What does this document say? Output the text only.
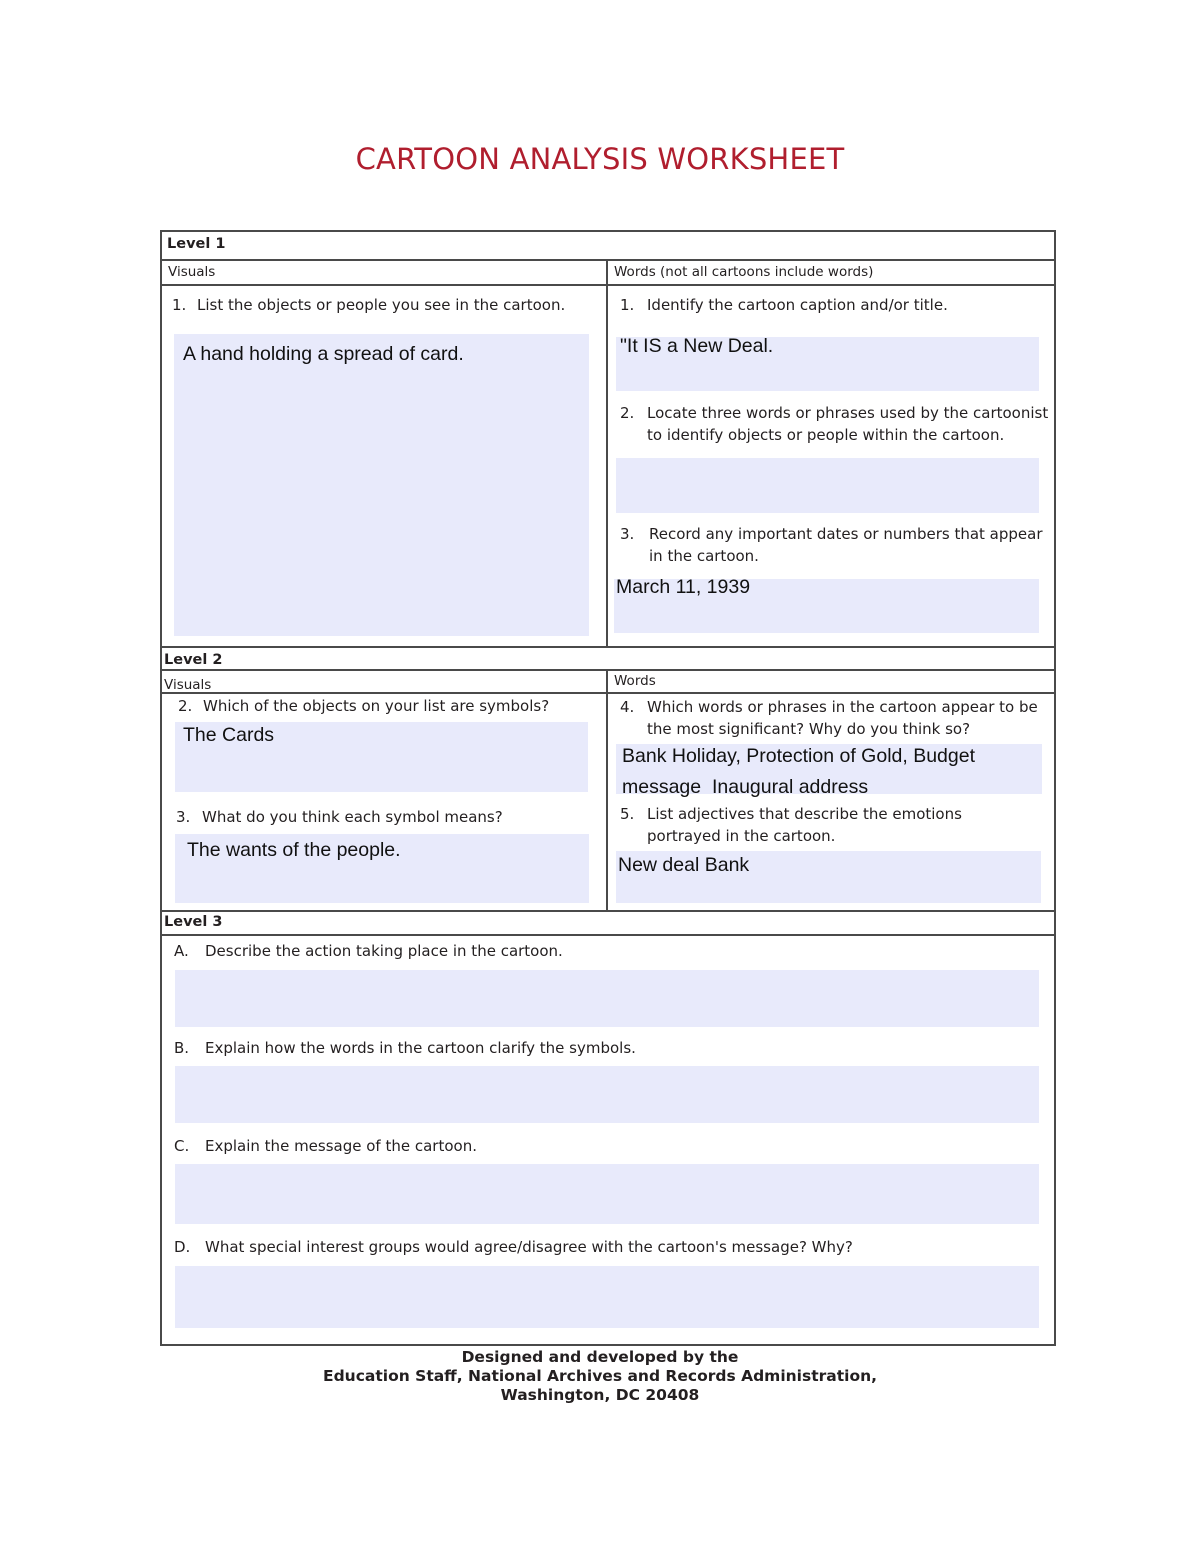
CARTOON ANALYSIS WORKSHEET
Level 1
Visuals	Words (not all cartoons include words)
1. List the objects or people you see in the cartoon.
A hand holding a spread of card.
1. Identify the cartoon caption and/or title.
"It IS a New Deal.
2. Locate three words or phrases used by the cartoonist to identify objects or people within the cartoon.
3. Record any important dates or numbers that appear in the cartoon.
March 11, 1939
Level 2
Visuals	Words
2. Which of the objects on your list are symbols?
The Cards
3. What do you think each symbol means?
The wants of the people.
4. Which words or phrases in the cartoon appear to be the most significant? Why do you think so?
Bank Holiday, Protection of Gold, Budget
message  Inaugural address
5. List adjectives that describe the emotions portrayed in the cartoon.
New deal Bank
Level 3
A.	Describe the action taking place in the cartoon.
B.	Explain how the words in the cartoon clarify the symbols.
C.	Explain the message of the cartoon.
D. What special interest groups would agree/disagree with the cartoon's message? Why?
Designed and developed by the
Education Staff, National Archives and Records Administration,
Washington, DC 20408
